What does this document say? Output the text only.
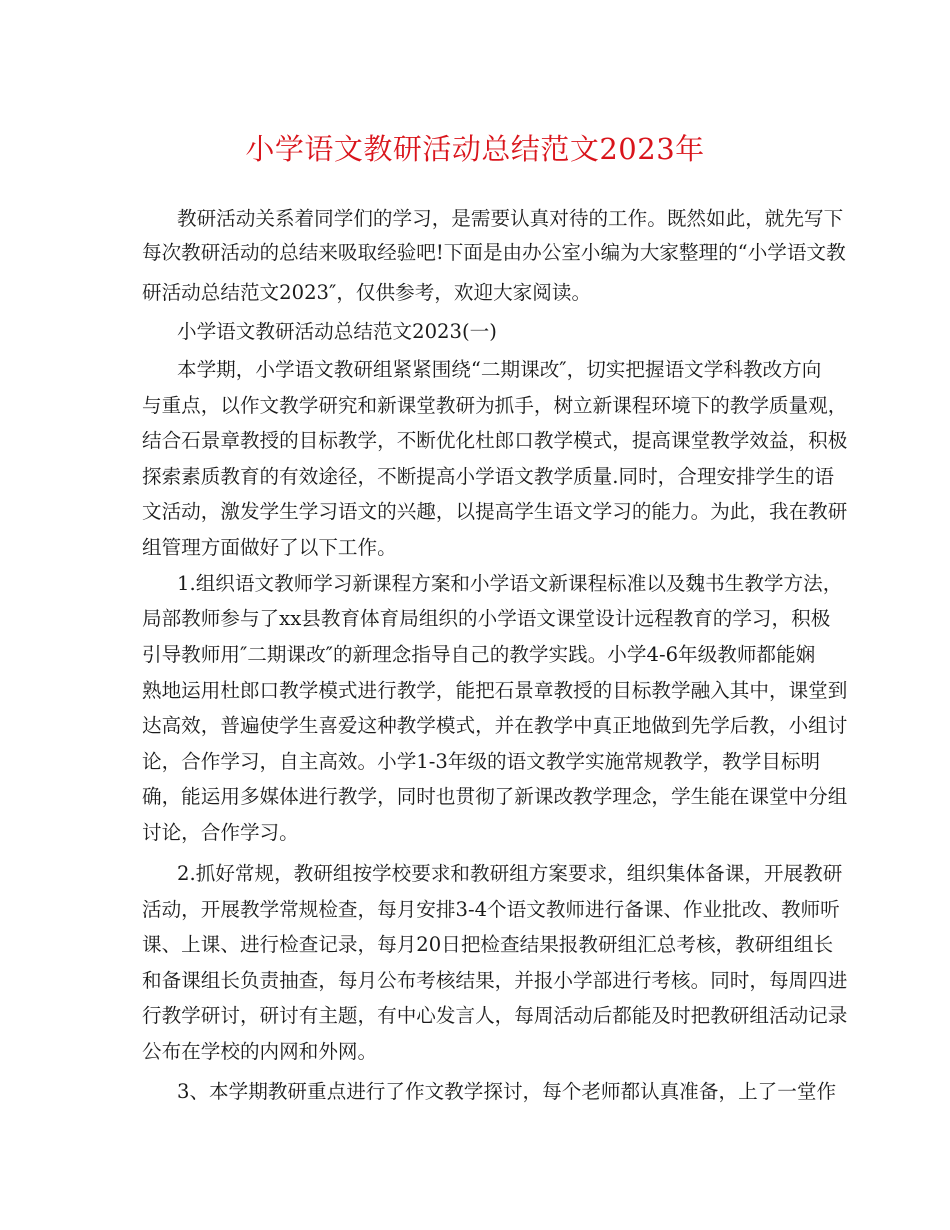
小学语文教研活动总结范文2023年
教研活动关系着同学们的学习，是需要认真对待的工作。既然如此，就先写下
每次教研活动的总结来吸取经验吧!下面是由办公室小编为大家整理的“小学语文教
研活动总结范文2023″，仅供参考，欢迎大家阅读。
小学语文教研活动总结范文2023(一)
本学期，小学语文教研组紧紧围绕“二期课改″，切实把握语文学科教改方向
与重点，以作文教学研究和新课堂教研为抓手，树立新课程环境下的教学质量观，
结合石景章教授的目标教学，不断优化杜郎口教学模式，提高课堂教学效益，积极
探索素质教育的有效途径，不断提高小学语文教学质量.同时，合理安排学生的语
文活动，激发学生学习语文的兴趣，以提高学生语文学习的能力。为此，我在教研
组管理方面做好了以下工作。
1.组织语文教师学习新课程方案和小学语文新课程标准以及魏书生教学方法，
局部教师参与了xx县教育体育局组织的小学语文课堂设计远程教育的学习，积极
引导教师用″二期课改″的新理念指导自己的教学实践。小学4-6年级教师都能娴
熟地运用杜郎口教学模式进行教学，能把石景章教授的目标教学融入其中，课堂到
达高效，普遍使学生喜爱这种教学模式，并在教学中真正地做到先学后教，小组讨
论，合作学习，自主高效。小学1-3年级的语文教学实施常规教学，教学目标明
确，能运用多媒体进行教学，同时也贯彻了新课改教学理念，学生能在课堂中分组
讨论，合作学习。
2.抓好常规，教研组按学校要求和教研组方案要求，组织集体备课，开展教研
活动，开展教学常规检查，每月安排3-4个语文教师进行备课、作业批改、教师听
课、上课、进行检查记录，每月20日把检查结果报教研组汇总考核，教研组组长
和备课组长负责抽查，每月公布考核结果，并报小学部进行考核。同时，每周四进
行教学研讨，研讨有主题，有中心发言人，每周活动后都能及时把教研组活动记录
公布在学校的内网和外网。
3、本学期教研重点进行了作文教学探讨，每个老师都认真准备，上了一堂作
